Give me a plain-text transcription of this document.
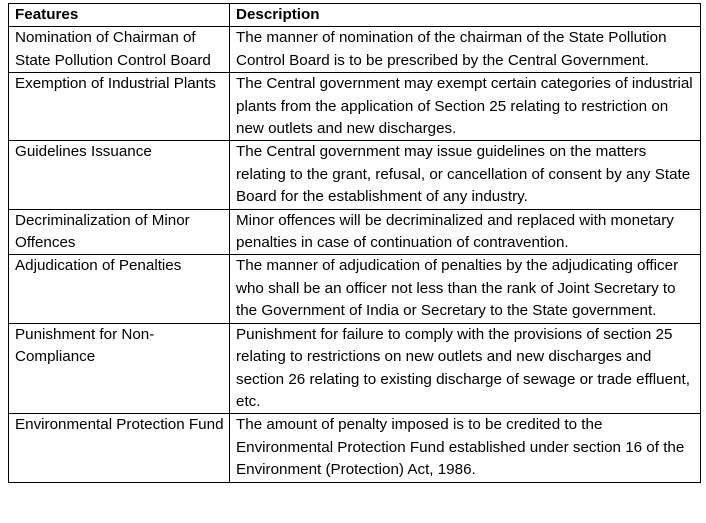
Features	Description
Nomination of Chairman of State Pollution Control Board	The manner of nomination of the chairman of the State Pollution Control Board is to be prescribed by the Central Government.
Exemption of Industrial Plants	The Central government may exempt certain categories of industrial plants from the application of Section 25 relating to restriction on new outlets and new discharges.
Guidelines Issuance	The Central government may issue guidelines on the matters relating to the grant, refusal, or cancellation of consent by any State Board for the establishment of any industry.
Decriminalization of Minor Offences	Minor offences will be decriminalized and replaced with monetary penalties in case of continuation of contravention.
Adjudication of Penalties	The manner of adjudication of penalties by the adjudicating officer who shall be an officer not less than the rank of Joint Secretary to the Government of India or Secretary to the State government.
Punishment for Non-Compliance	Punishment for failure to comply with the provisions of section 25 relating to restrictions on new outlets and new discharges and section 26 relating to existing discharge of sewage or trade effluent, etc.
Environmental Protection Fund	The amount of penalty imposed is to be credited to the Environmental Protection Fund established under section 16 of the Environment (Protection) Act, 1986.
